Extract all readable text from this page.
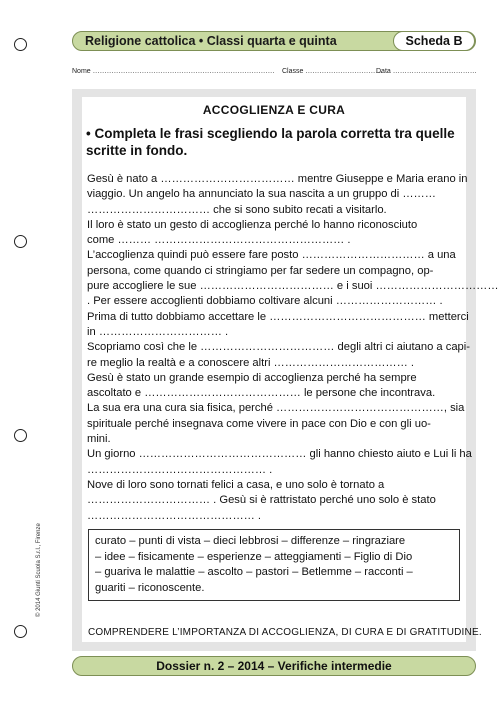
Religione cattolica • Classi quarta e quinta	Scheda B
Nome …………………………………………………………………… Classe ……………………………
Data ………………………………
ACCOGLIENZA E CURA
• Completa le frasi scegliendo la parola corretta tra quelle
scritte in fondo.
Gesù è nato a ……………………………… mentre Giuseppe e Maria erano in
viaggio. Un angelo ha annunciato la sua nascita a un gruppo di ………
…………………………… che si sono subito recati a visitarlo.
Il loro è stato un gesto di accoglienza perché lo hanno riconosciuto
come ……… …………………………………………… .
L’accoglienza quindi può essere fare posto …………………………… a una
persona, come quando ci stringiamo per far sedere un compagno, op-
pure accogliere le sue ……………………………… e i suoi ……………………………
. Per essere accoglienti dobbiamo coltivare alcuni ……………………… .
Prima di tutto dobbiamo accettare le …………………………………… metterci
in …………………………… .
Scopriamo così che le ……………………………… degli altri ci aiutano a capi-
re meglio la realtà e a conoscere altri ……………………………… .
Gesù è stato un grande esempio di accoglienza perché ha sempre
ascoltato e …………………………………… le persone che incontrava.
La sua era una cura sia fisica, perché ………………………………………, sia
spirituale perché insegnava come vivere in pace con Dio e con gli uo-
mini.
Un giorno ……………………………………… gli hanno chiesto aiuto e Lui li ha
………………………………………… .
Nove di loro sono tornati felici a casa, e uno solo è tornato a
…………………………… . Gesù si è rattristato perché uno solo è stato
……………………………………… .
curato – punti di vista – dieci lebbrosi – differenze – ringraziare
– idee – fisicamente – esperienze – atteggiamenti – Figlio di Dio
– guariva le malattie – ascolto – pastori – Betlemme – racconti –
guariti – riconoscente.
COMPRENDERE L’IMPORTANZA DI ACCOGLIENZA, DI CURA E DI GRATITUDINE.
© 2014 Giunti Scuola S.r.l., Firenze
Dossier n. 2 – 2014 – Verifiche intermedie
